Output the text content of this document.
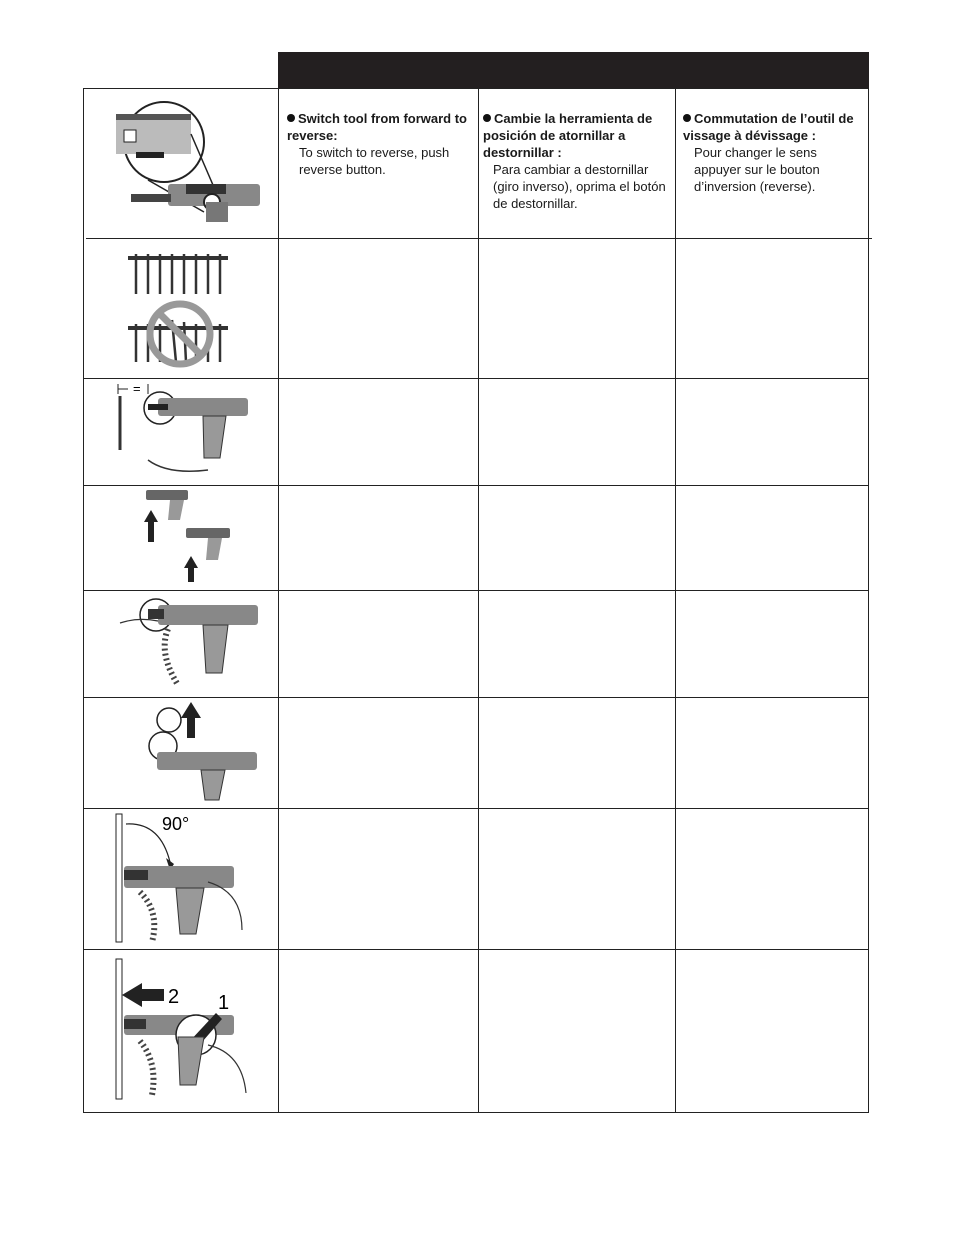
Switch tool from forward to reverse:
To switch to reverse, push reverse button.
Cambie la herramienta de posición de atornillar a destornillar :
Para cambiar a destornillar (giro inverso), oprima el botón de destornillar.
Commutation de l’outil de vissage à dévissage :
Pour changer le sens appuyer sur le bouton d’inversion (reverse).
=
90°
2 1
